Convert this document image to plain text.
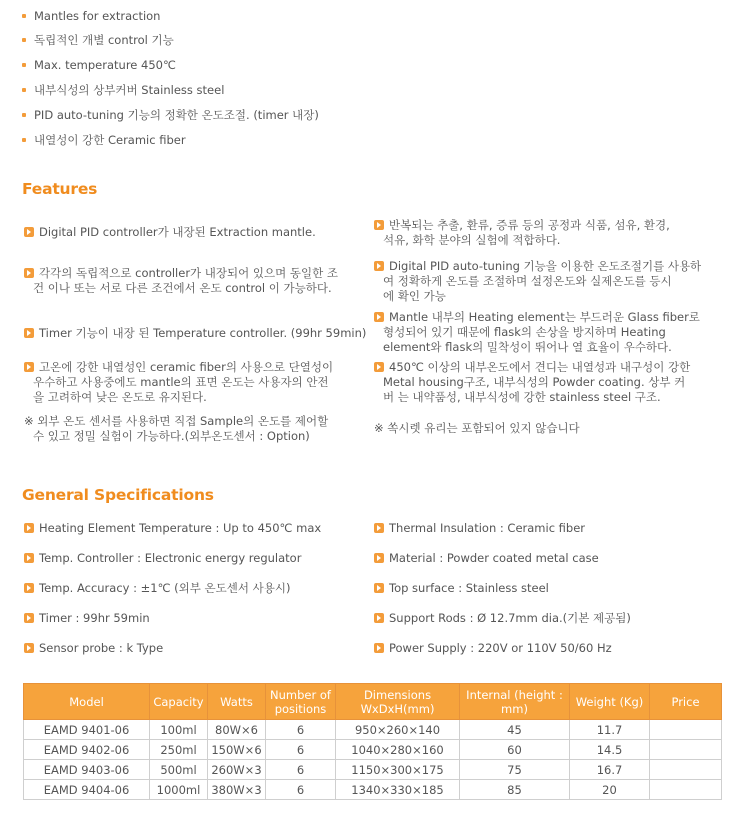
Mantles for extraction
독립적인 개별 control 기능
Max. temperature 450℃
내부식성의 상부커버 Stainless steel
PID auto-tuning 기능의 정확한 온도조절. (timer 내장)
내열성이 강한 Ceramic fiber
Features
Digital PID controller가 내장된 Extraction mantle.
각각의 독립적으로 controller가 내장되어 있으며 동일한 조
건 이나 또는 서로 다른 조건에서 온도 control 이 가능하다.
Timer 기능이 내장 된 Temperature controller. (99hr 59min)
고온에 강한 내열성인 ceramic fiber의 사용으로 단열성이
우수하고 사용중에도 mantle의 표면 온도는 사용자의 안전
을 고려하여 낮은 온도로 유지된다.
※ 외부 온도 센서를 사용하면 직접 Sample의 온도를 제어할
수 있고 정밀 실험이 가능하다.(외부온도센서 : Option)
반복되는 추출, 환류, 증류 등의 공정과 식품, 섬유, 환경,
석유, 화학 분야의 실험에 적합하다.
Digital PID auto-tuning 기능을 이용한 온도조절기를 사용하
여 정확하게 온도를 조절하며 설정온도와 실제온도를 등시
에 확인 가능
Mantle 내부의 Heating element는 부드러운 Glass fiber로
형성되어 있기 때문에 flask의 손상을 방지하며 Heating
element와 flask의 밀착성이 뛰어나 열 효율이 우수하다.
450℃ 이상의 내부온도에서 견디는 내열성과 내구성이 강한
Metal housing구조, 내부식성의 Powder coating. 상부 커
버 는 내약품성, 내부식성에 강한 stainless steel 구조.
※ 쏙시렛 유리는 포함되어 있지 않습니다
General Specifications
Heating Element Temperature : Up to 450℃ max
Temp. Controller : Electronic energy regulator
Temp. Accuracy : ±1℃ (외부 온도센서 사용시)
Timer : 99hr 59min
Sensor probe : k Type
Thermal Insulation : Ceramic fiber
Material : Powder coated metal case
Top surface : Stainless steel
Support Rods : Ø 12.7mm dia.(기본 제공됨)
Power Supply : 220V or 110V 50/60 Hz
Model	Capacity	Watts	Number of positions	Dimensions WxDxH(mm)	Internal (height : mm)	Weight (Kg)	Price
EAMD 9401-06	100ml	80W×6	6	950×260×140	45	11.7	
EAMD 9402-06	250ml	150W×6	6	1040×280×160	60	14.5	
EAMD 9403-06	500ml	260W×3	6	1150×300×175	75	16.7	
EAMD 9404-06	1000ml	380W×3	6	1340×330×185	85	20	
